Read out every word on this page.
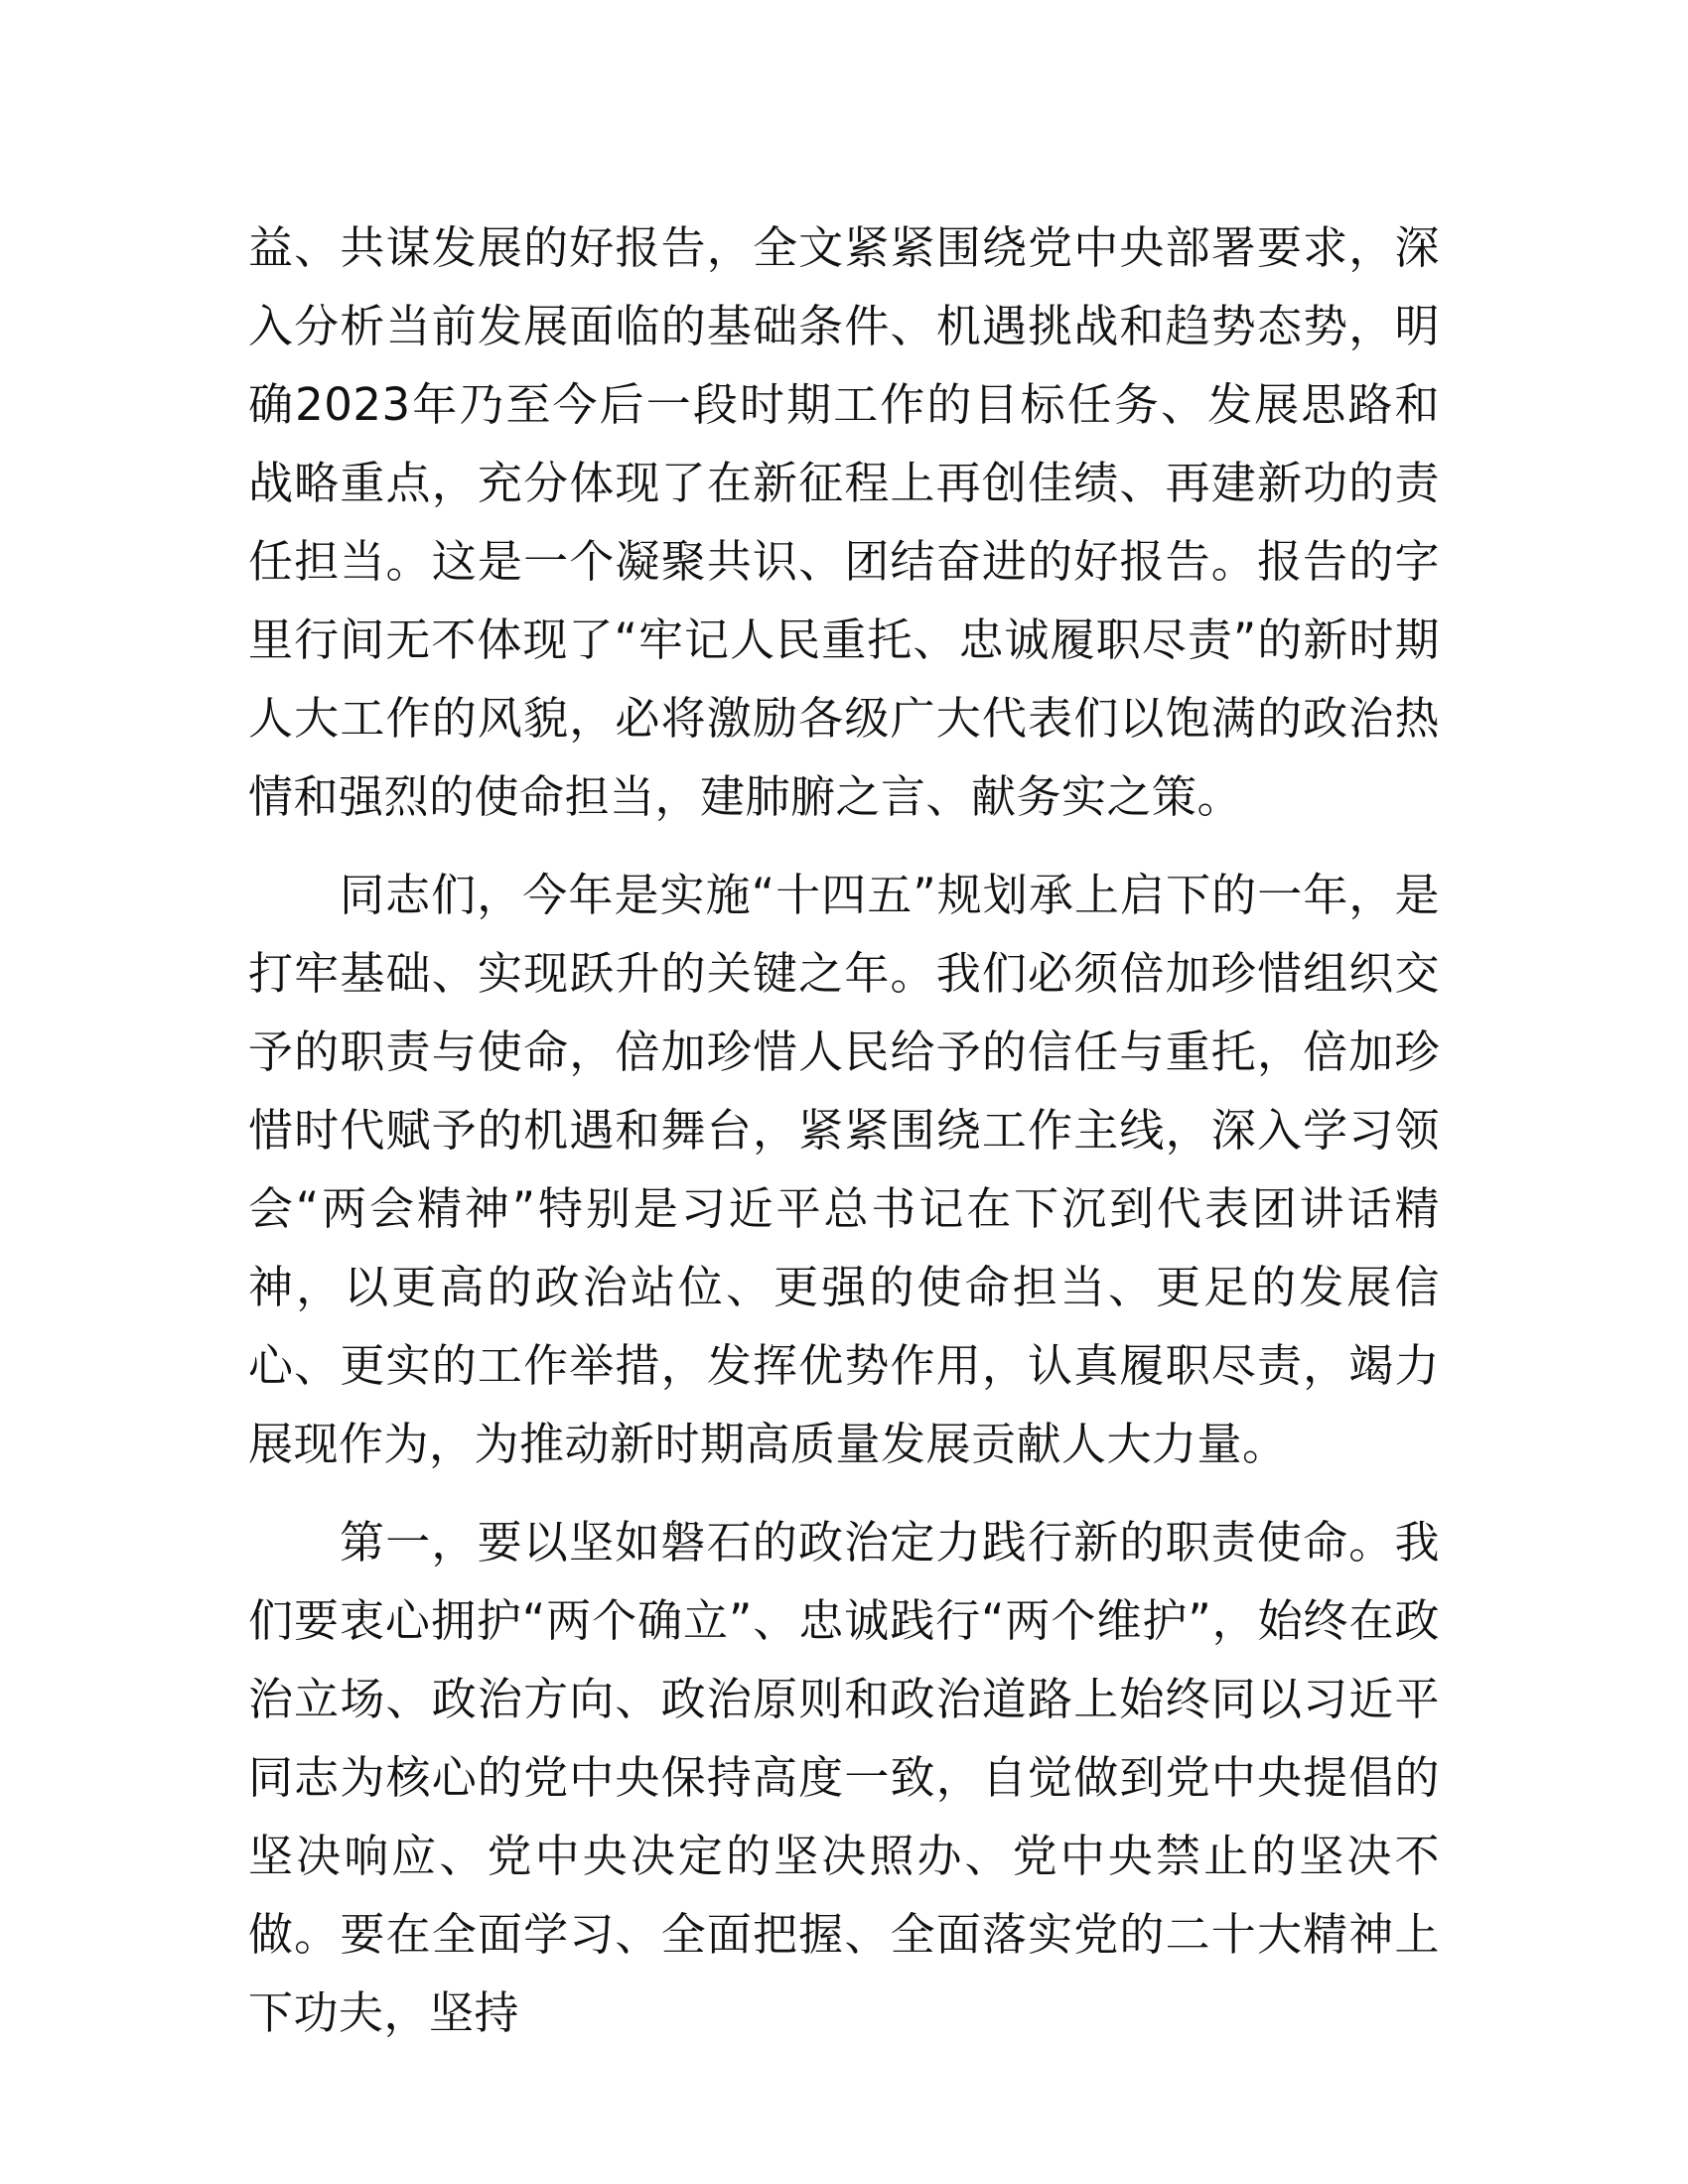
益、共谋发展的好报告，全文紧紧围绕党中央部署要求，深入分析当前发展面临的基础条件、机遇挑战和趋势态势，明确2023年乃至今后一段时期工作的目标任务、发展思路和战略重点，充分体现了在新征程上再创佳绩、再建新功的责任担当。这是一个凝聚共识、团结奋进的好报告。报告的字里行间无不体现了“牢记人民重托、忠诚履职尽责”的新时期人大工作的风貌，必将激励各级广大代表们以饱满的政治热情和强烈的使命担当，建肺腑之言、献务实之策。

同志们，今年是实施“十四五”规划承上启下的一年，是打牢基础、实现跃升的关键之年。我们必须倍加珍惜组织交予的职责与使命，倍加珍惜人民给予的信任与重托，倍加珍惜时代赋予的机遇和舞台，紧紧围绕工作主线，深入学习领会“两会精神”特别是习近平总书记在下沉到代表团讲话精神，以更高的政治站位、更强的使命担当、更足的发展信心、更实的工作举措，发挥优势作用，认真履职尽责，竭力展现作为，为推动新时期高质量发展贡献人大力量。

第一，要以坚如磐石的政治定力践行新的职责使命。我们要衷心拥护“两个确立”、忠诚践行“两个维护”，始终在政治立场、政治方向、政治原则和政治道路上始终同以习近平同志为核心的党中央保持高度一致，自觉做到党中央提倡的坚决响应、党中央决定的坚决照办、党中央禁止的坚决不做。要在全面学习、全面把握、全面落实党的二十大精神上下功夫，坚持
